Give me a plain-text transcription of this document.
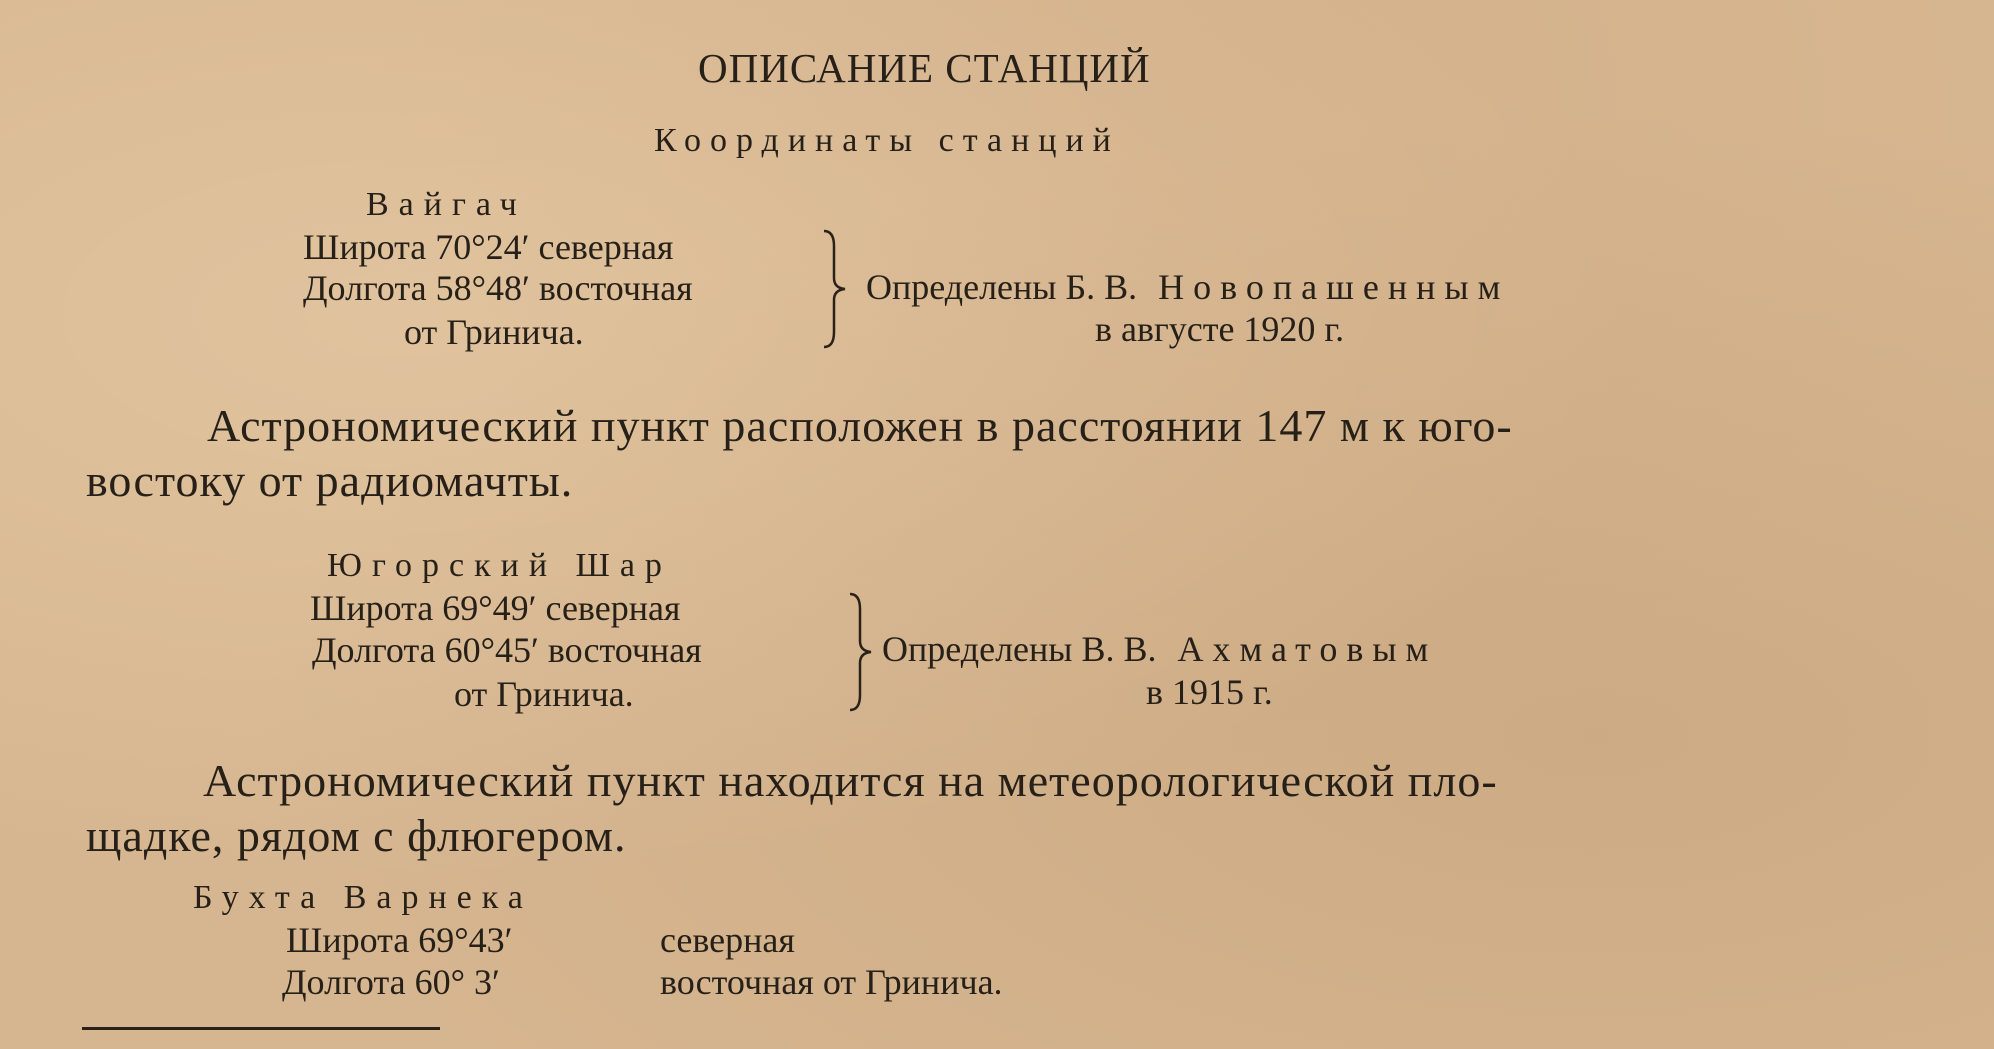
ОПИСАНИЕ СТАНЦИЙ
Координаты станций
Вайгач
Широта 70°24′ северная
Долгота 58°48′ восточная
от Гринича.
Определены Б. В. Новопашенным
в августе 1920 г.
Астрономический пункт расположен в расстоянии 147 м к юго-
востоку от радиомачты.
Югорский Шар
Широта 69°49′ северная
Долгота 60°45′ восточная
от Гринича.
Определены В. В. Ахматовым
в 1915 г.
Астрономический пункт находится на метеорологической пло-
щадке, рядом с флюгером.
Бухта Варнека
Широта 69°43′	северная
Долгота 60° 3′	восточная от Гринича.
